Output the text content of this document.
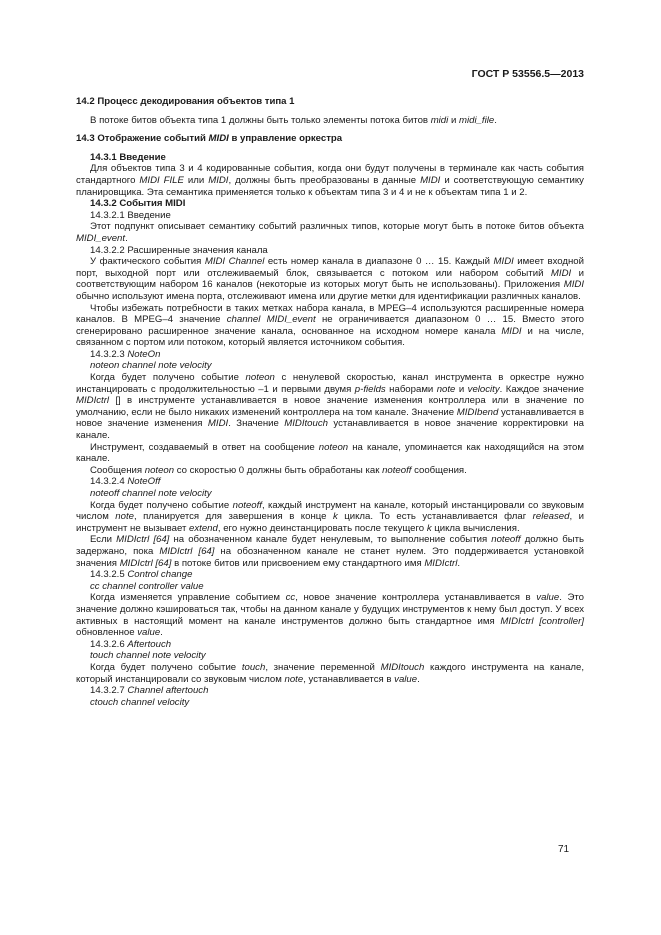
ГОСТ Р 53556.5—2013

14.2 Процесс декодирования объектов типа 1

В потоке битов объекта типа 1 должны быть только элементы потока битов midi и midi_file.

14.3 Отображение событий MIDI в управление оркестра

14.3.1 Введение

Для объектов типа 3 и 4 кодированные события, когда они будут получены в терминале как часть события стандартного MIDI FILE или MIDI, должны быть преобразованы в данные MIDI и соответствующую семантику планировщика. Эта семантика применяется только к объектам типа 3 и 4 и не к объектам типа 1 и 2.

14.3.2 События MIDI

14.3.2.1 Введение

Этот подпункт описывает семантику событий различных типов, которые могут быть в потоке битов объекта MIDI_event.

14.3.2.2 Расширенные значения канала

У фактического события MIDI Channel есть номер канала в диапазоне 0 … 15. Каждый MIDI имеет входной порт, выходной порт или отслеживаемый блок, связывается с потоком или набором событий MIDI и соответствующим набором 16 каналов (некоторые из которых могут быть не использованы). Приложения MIDI обычно используют имена порта, отслеживают имена или другие метки для идентификации различных каналов.

Чтобы избежать потребности в таких метках набора канала, в MPEG–4 используются расширенные номера каналов. В MPEG–4 значение channel MIDI_event не ограничивается диапазоном 0 … 15. Вместо этого сгенерировано расширенное значение канала, основанное на исходном номере канала MIDI и на числе, связанном с портом или потоком, который является источником события.

14.3.2.3 NoteOn

noteon channel note velocity

Когда будет получено событие noteon с ненулевой скоростью, канал инструмента в оркестре нужно инстанцировать с продолжительностью –1 и первыми двумя p-fields наборами note и velocity. Каждое значение MIDIctrl [] в инструменте устанавливается в новое значение изменения контроллера или в значение по умолчанию, если не было никаких изменений контроллера на том канале. Значение MIDIbend устанавливается в новое значение изменения MIDI. Значение MIDItouch устанавливается в новое значение корректировки на канале.

Инструмент, создаваемый в ответ на сообщение noteon на канале, упоминается как находящийся на этом канале.

Сообщения noteon со скоростью 0 должны быть обработаны как noteoff сообщения.

14.3.2.4 NoteOff

noteoff channel note velocity

Когда будет получено событие noteoff, каждый инструмент на канале, который инстанцировали со звуковым числом note, планируется для завершения в конце k цикла. То есть устанавливается флаг released, и инструмент не вызывает extend, его нужно деинстанцировать после текущего k цикла вычисления.

Если MIDIctrl [64] на обозначенном канале будет ненулевым, то выполнение события noteoff должно быть задержано, пока MIDIctrl [64] на обозначенном канале не станет нулем. Это поддерживается установкой значения MIDIctrl [64] в потоке битов или присвоением ему стандартного имя MIDIctrl.

14.3.2.5 Control change

cc channel controller value

Когда изменяется управление событием cc, новое значение контроллера устанавливается в value. Это значение должно кэшироваться так, чтобы на данном канале у будущих инструментов к нему был доступ. У всех активных в настоящий момент на канале инструментов должно быть стандартное имя MIDIctrl [controller] обновленное value.

14.3.2.6 Aftertouch

touch channel note velocity

Когда будет получено событие touch, значение переменной MIDItouch каждого инструмента на канале, который инстанцировали со звуковым числом note, устанавливается в value.

14.3.2.7 Channel aftertouch

ctouch channel velocity

71
